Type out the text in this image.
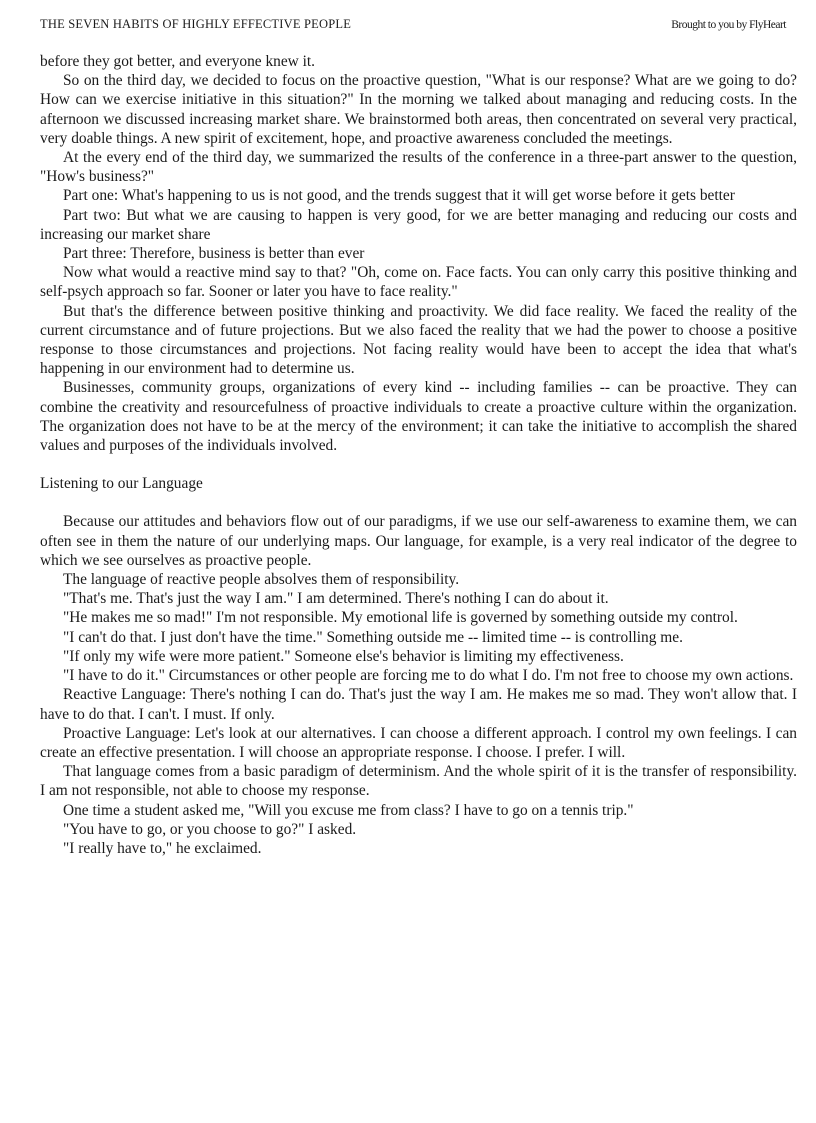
THE SEVEN HABITS OF HIGHLY EFFECTIVE PEOPLE	Brought to you by FlyHeart

before they got better, and everyone knew it.

So on the third day, we decided to focus on the proactive question, "What is our response? What are we going to do? How can we exercise initiative in this situation?" In the morning we talked about managing and reducing costs. In the afternoon we discussed increasing market share. We brainstormed both areas, then concentrated on several very practical, very doable things. A new spirit of excitement, hope, and proactive awareness concluded the meetings.

At the every end of the third day, we summarized the results of the conference in a three-part answer to the question, "How's business?"

Part one: What's happening to us is not good, and the trends suggest that it will get worse before it gets better

Part two: But what we are causing to happen is very good, for we are better managing and reducing our costs and increasing our market share

Part three: Therefore, business is better than ever

Now what would a reactive mind say to that? "Oh, come on. Face facts. You can only carry this positive thinking and self-psych approach so far. Sooner or later you have to face reality."

But that's the difference between positive thinking and proactivity. We did face reality. We faced the reality of the current circumstance and of future projections. But we also faced the reality that we had the power to choose a positive response to those circumstances and projections. Not facing reality would have been to accept the idea that what's happening in our environment had to determine us.

Businesses, community groups, organizations of every kind -- including families -- can be proactive. They can combine the creativity and resourcefulness of proactive individuals to create a proactive culture within the organization. The organization does not have to be at the mercy of the environment; it can take the initiative to accomplish the shared values and purposes of the individuals involved.

Listening to our Language

Because our attitudes and behaviors flow out of our paradigms, if we use our self-awareness to examine them, we can often see in them the nature of our underlying maps. Our language, for example, is a very real indicator of the degree to which we see ourselves as proactive people.

The language of reactive people absolves them of responsibility.

"That's me. That's just the way I am." I am determined. There's nothing I can do about it.

"He makes me so mad!" I'm not responsible. My emotional life is governed by something outside my control.

"I can't do that. I just don't have the time." Something outside me -- limited time -- is controlling me.

"If only my wife were more patient." Someone else's behavior is limiting my effectiveness.

"I have to do it." Circumstances or other people are forcing me to do what I do. I'm not free to choose my own actions.

Reactive Language: There's nothing I can do. That's just the way I am. He makes me so mad. They won't allow that. I have to do that. I can't. I must. If only.

Proactive Language: Let's look at our alternatives. I can choose a different approach. I control my own feelings. I can create an effective presentation. I will choose an appropriate response. I choose. I prefer. I will.

That language comes from a basic paradigm of determinism. And the whole spirit of it is the transfer of responsibility. I am not responsible, not able to choose my response.

One time a student asked me, "Will you excuse me from class? I have to go on a tennis trip."

"You have to go, or you choose to go?" I asked.

"I really have to," he exclaimed.
